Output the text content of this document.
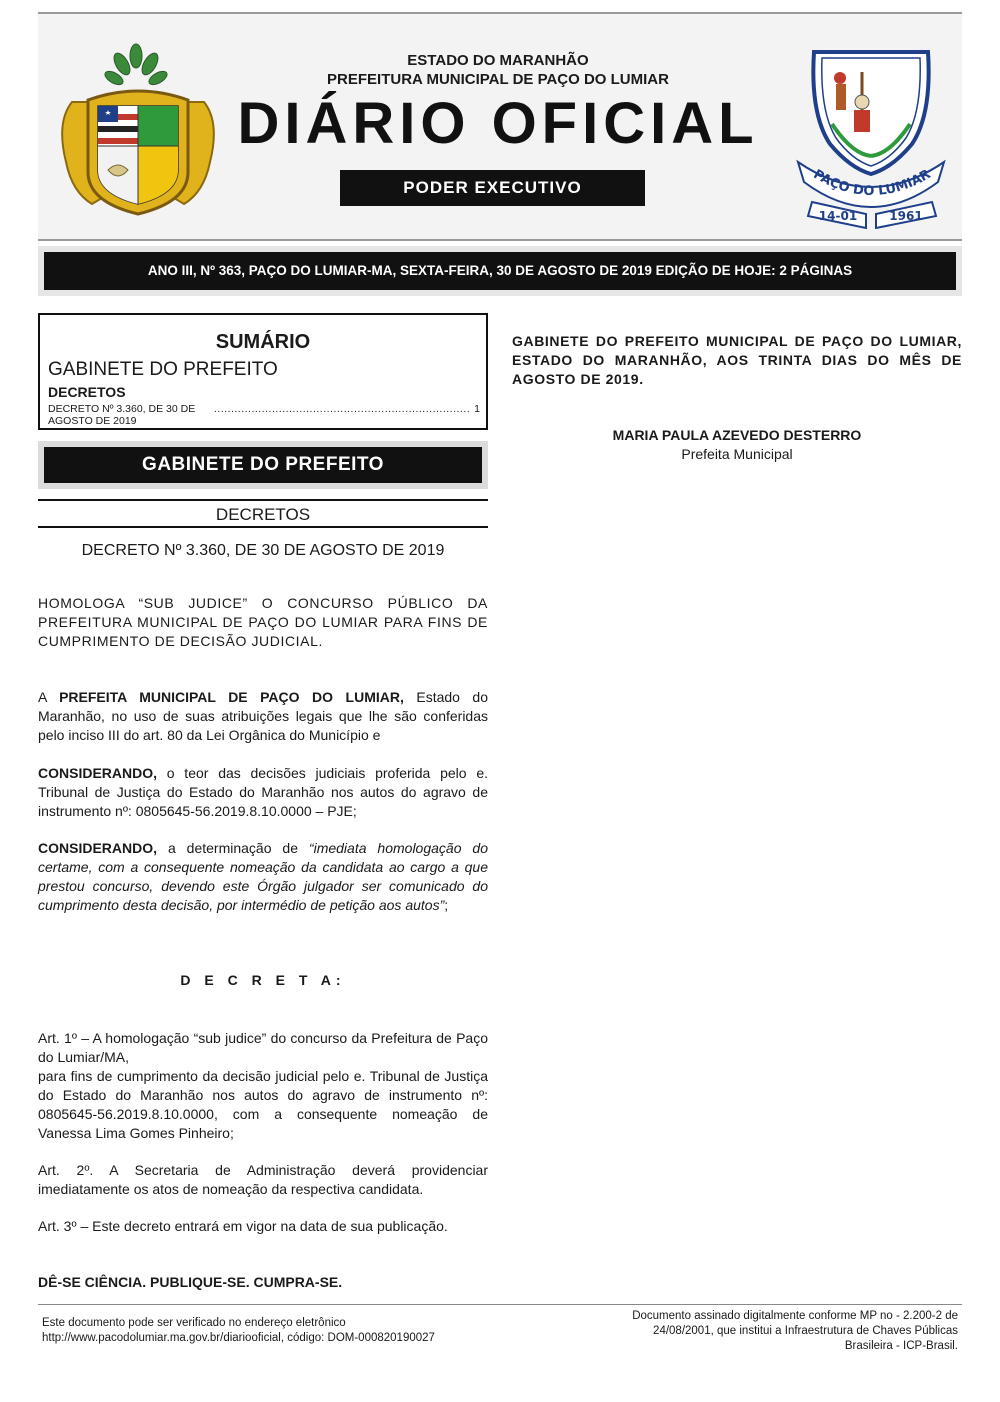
ESTADO DO MARANHÃO
PREFEITURA MUNICIPAL DE PAÇO DO LUMIAR
DIÁRIO OFICIAL
PODER EXECUTIVO
PAÇO DO LUMIAR
14-01	1961
ANO III, Nº 363, PAÇO DO LUMIAR-MA, SEXTA-FEIRA, 30 DE AGOSTO DE 2019 EDIÇÃO DE HOJE: 2 PÁGINAS
SUMÁRIO
GABINETE DO PREFEITO
DECRETOS
DECRETO Nº 3.360, DE 30 DE AGOSTO DE 2019
........................................................................... 1
GABINETE DO PREFEITO
DECRETOS
DECRETO Nº 3.360, DE 30 DE AGOSTO DE 2019
HOMOLOGA “SUB JUDICE” O CONCURSO PÚBLICO DA PREFEITURA MUNICIPAL DE PAÇO DO LUMIAR PARA FINS DE CUMPRIMENTO DE DECISÃO JUDICIAL.
A PREFEITA MUNICIPAL DE PAÇO DO LUMIAR, Estado do Maranhão, no uso de suas atribuições legais que lhe são conferidas pelo inciso III do art. 80 da Lei Orgânica do Município e
CONSIDERANDO, o teor das decisões judiciais proferida pelo e. Tribunal de Justiça do Estado do Maranhão nos autos do agravo de instrumento nº: 0805645-56.2019.8.10.0000 – PJE;
CONSIDERANDO, a determinação de “imediata homologação do certame, com a consequente nomeação da candidata ao cargo a que prestou concurso, devendo este Órgão julgador ser comunicado do cumprimento desta decisão, por intermédio de petição aos autos”;
D E C R E T A:
Art. 1º – A homologação “sub judice” do concurso da Prefeitura de Paço do Lumiar/MA,
para fins de cumprimento da decisão judicial pelo e. Tribunal de Justiça do Estado do Maranhão nos autos do agravo de instrumento nº: 0805645-56.2019.8.10.0000, com a consequente nomeação de Vanessa Lima Gomes Pinheiro;
Art. 2º. A Secretaria de Administração deverá providenciar imediatamente os atos de nomeação da respectiva candidata.
Art. 3º – Este decreto entrará em vigor na data de sua publicação.
DÊ-SE CIÊNCIA. PUBLIQUE-SE. CUMPRA-SE.
GABINETE DO PREFEITO MUNICIPAL DE PAÇO DO LUMIAR, ESTADO DO MARANHÃO, AOS TRINTA DIAS DO MÊS DE AGOSTO DE 2019.
MARIA PAULA AZEVEDO DESTERRO
Prefeita Municipal
Este documento pode ser verificado no endereço eletrônico
http://www.pacodolumiar.ma.gov.br/diariooficial, código: DOM-000820190027
Documento assinado digitalmente conforme MP no - 2.200-2 de
24/08/2001, que institui a Infraestrutura de Chaves Públicas
Brasileira - ICP-Brasil.
